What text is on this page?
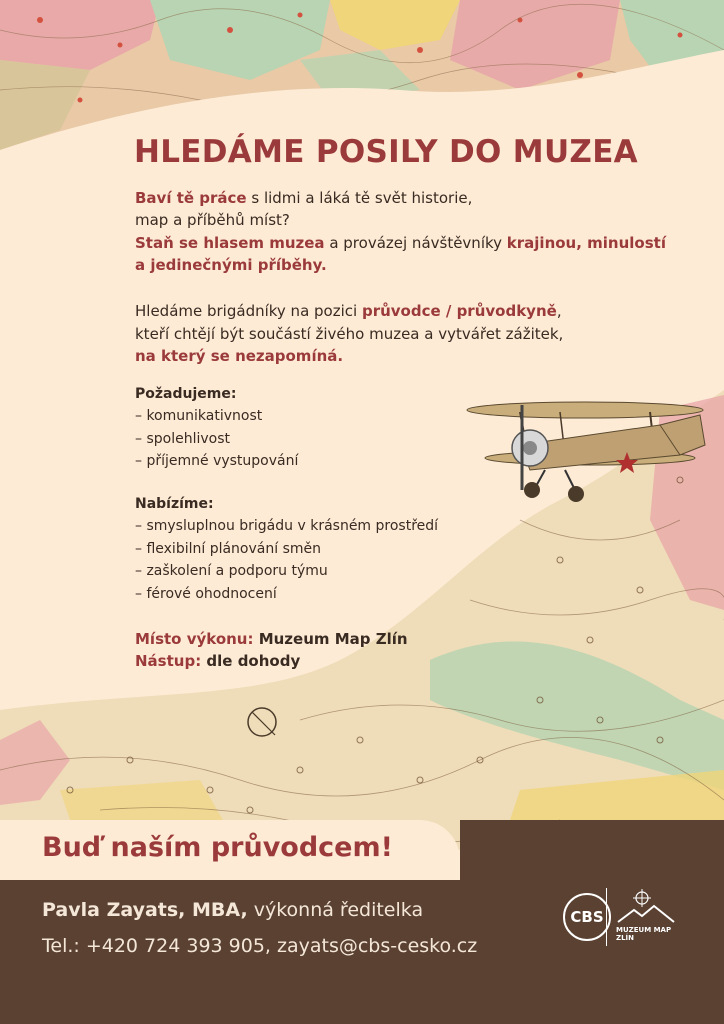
HLEDÁME POSILY DO MUZEA

Baví tě práce s lidmi a láká tě svět historie,

map a příběhů míst?

Staň se hlasem muzea a provázej návštěvníky krajinou, minulostí

a jedinečnými příběhy.

Hledáme brigádníky na pozici průvodce / průvodkyně,

kteří chtějí být součástí živého muzea a vytvářet zážitek,

na který se nezapomíná.

Požadujeme:

– komunikativnost
– spolehlivost
– příjemné vystupování

Nabízíme:

– smysluplnou brigádu v krásném prostředí
– flexibilní plánování směn
– zaškolení a podporu týmu
– férové ohodnocení

Místo výkonu: Muzeum Map Zlín

Nástup: dle dohody

Buď naším průvodcem!

Pavla Zayats, MBA, výkonná ředitelka

Tel.: +420 724 393 905, zayats@cbs-cesko.cz

CBS
MUZEUM MAP
ZLÍN
